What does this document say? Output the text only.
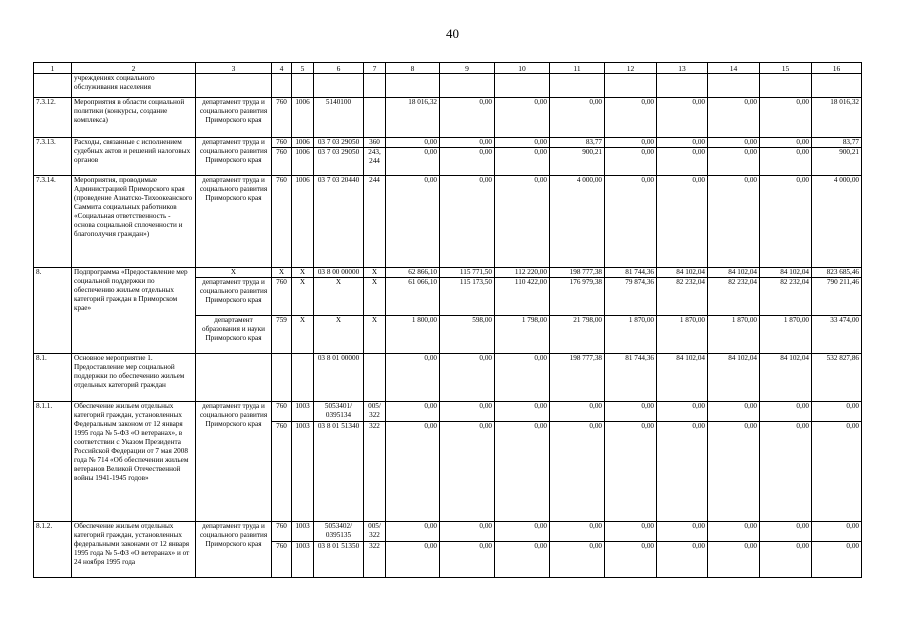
40
1	2	3	4	5	6	7	8	9	10	11	12	13	14	15	16
	учреждениях социального обслуживания населения														
7.3.12.	Мероприятия в области социальной политики (конкурсы, создание комплекса)	департамент труда и социального развития Приморского края	760	1006	5140100		18 016,32	0,00	0,00	0,00	0,00	0,00	0,00	0,00	18 016,32
7.3.13.	Расходы, связанные с исполнением судебных актов и решений налоговых органов	департамент труда и социального развития Приморского края	760	1006	03 7 03 29050	360	0,00	0,00	0,00	83,77	0,00	0,00	0,00	0,00	83,77
			760	1006	03 7 03 29050	243, 244	0,00	0,00	0,00	900,21	0,00	0,00	0,00	0,00	900,21
7.3.14.	Мероприятия, проводимые Администрацией Приморского края (проведение Азиатско-Тихоокеанского Саммита социальных работников «Социальная ответственность - основа социальной сплоченности и благополучия граждан»)	департамент труда и социального развития Приморского края	760	1006	03 7 03 20440	244	0,00	0,00	0,00	4 000,00	0,00	0,00	0,00	0,00	4 000,00
8.	Подпрограмма «Предоставление мер социальной поддержки по обеспечению жильем отдельных категорий граждан в Приморском крае»	Х	Х	Х	03 8 00 00000	Х	62 866,10	115 771,50	112 220,00	198 777,38	81 744,36	84 102,04	84 102,04	84 102,04	823 685,46
		департамент труда и социального развития Приморского края	760	Х	Х	Х	61 066,10	115 173,50	110 422,00	176 979,38	79 874,36	82 232,04	82 232,04	82 232,04	790 211,46
		департамент образования и науки Приморского края	759	Х	Х	Х	1 800,00	598,00	1 798,00	21 798,00	1 870,00	1 870,00	1 870,00	1 870,00	33 474,00
8.1.	Основное мероприятие 1. Предоставление мер социальной поддержки по обеспечению жильем отдельных категорий граждан				03 8 01 00000		0,00	0,00	0,00	198 777,38	81 744,36	84 102,04	84 102,04	84 102,04	532 827,86
8.1.1.	Обеспечение жильем отдельных категорий граждан, установленных Федеральным законом от 12 января 1995 года № 5-ФЗ «О ветеранах», в соответствии с Указом Президента Российской Федерации от 7 мая 2008 года № 714 «Об обеспечении жильем ветеранов Великой Отечественной войны 1941-1945 годов»	департамент труда и социального развития Приморского края	760	1003	5053401/ 0395134	005/ 322	0,00	0,00	0,00	0,00	0,00	0,00	0,00	0,00	0,00
			760	1003	03 8 01 51340	322	0,00	0,00	0,00	0,00	0,00	0,00	0,00	0,00	0,00
8.1.2.	Обеспечение жильем отдельных категорий граждан, установленных федеральными законами от 12 января 1995 года № 5-ФЗ «О ветеранах» и от 24 ноября 1995 года	департамент труда и социального развития Приморского края	760	1003	5053402/ 0395135	005/ 322	0,00	0,00	0,00	0,00	0,00	0,00	0,00	0,00	0,00
			760	1003	03 8 01 51350	322	0,00	0,00	0,00	0,00	0,00	0,00	0,00	0,00	0,00
